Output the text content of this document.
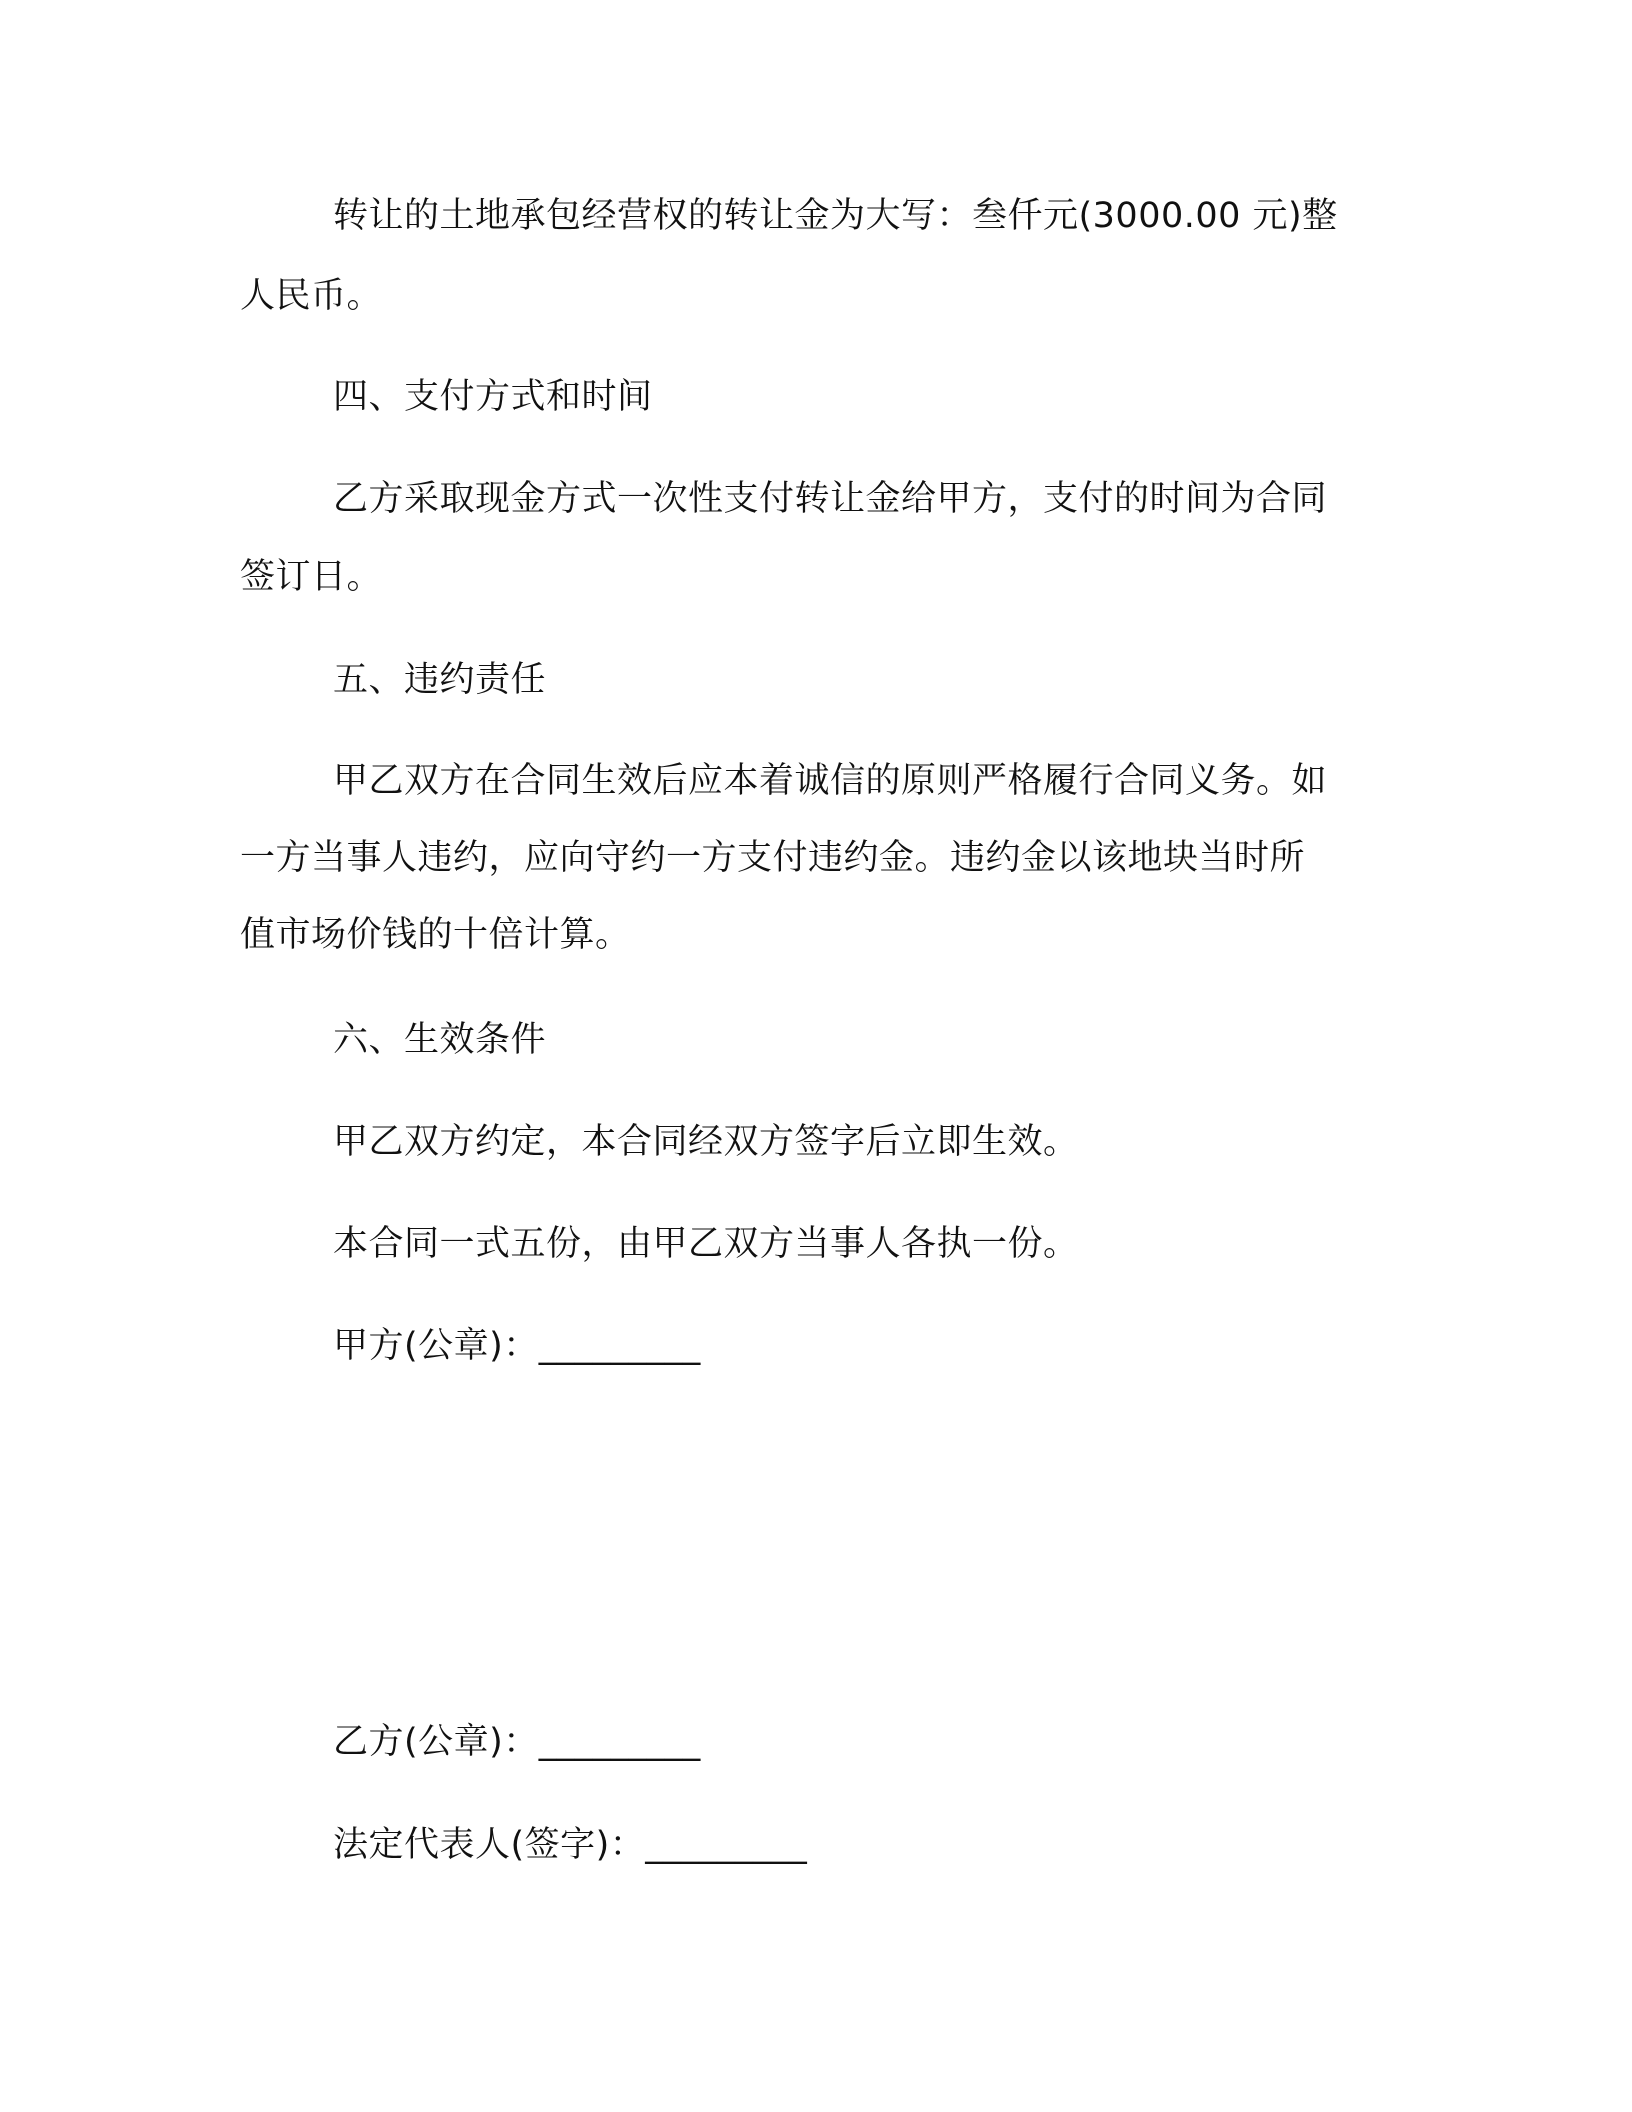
转让的土地承包经营权的转让金为大写：叁仟元(3000.00 元)整
人民币。
四、支付方式和时间
乙方采取现金方式一次性支付转让金给甲方，支付的时间为合同
签订日。
五、违约责任
甲乙双方在合同生效后应本着诚信的原则严格履行合同义务。如
一方当事人违约，应向守约一方支付违约金。违约金以该地块当时所
值市场价钱的十倍计算。
六、生效条件
甲乙双方约定，本合同经双方签字后立即生效。
本合同一式五份，由甲乙双方当事人各执一份。
甲方(公章)：_________
乙方(公章)：_________
法定代表人(签字)：_________
